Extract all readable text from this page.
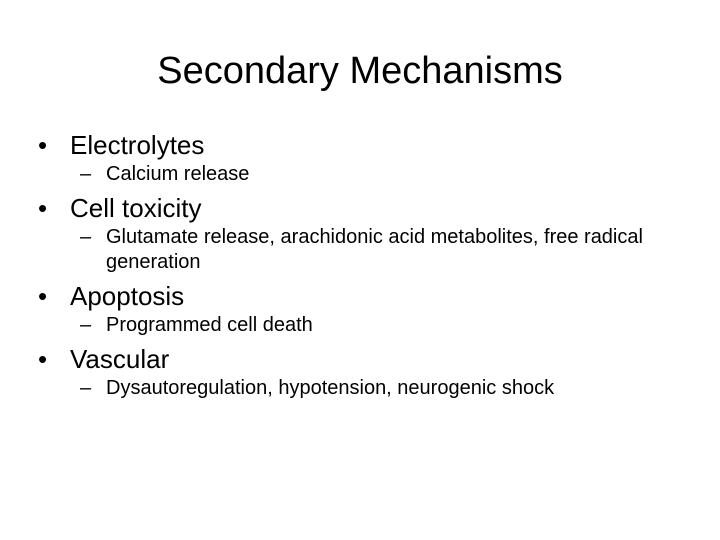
Secondary Mechanisms
• Electrolytes
– Calcium release
• Cell toxicity
– Glutamate release, arachidonic acid metabolites, free radical generation
• Apoptosis
– Programmed cell death
• Vascular
– Dysautoregulation, hypotension, neurogenic shock
